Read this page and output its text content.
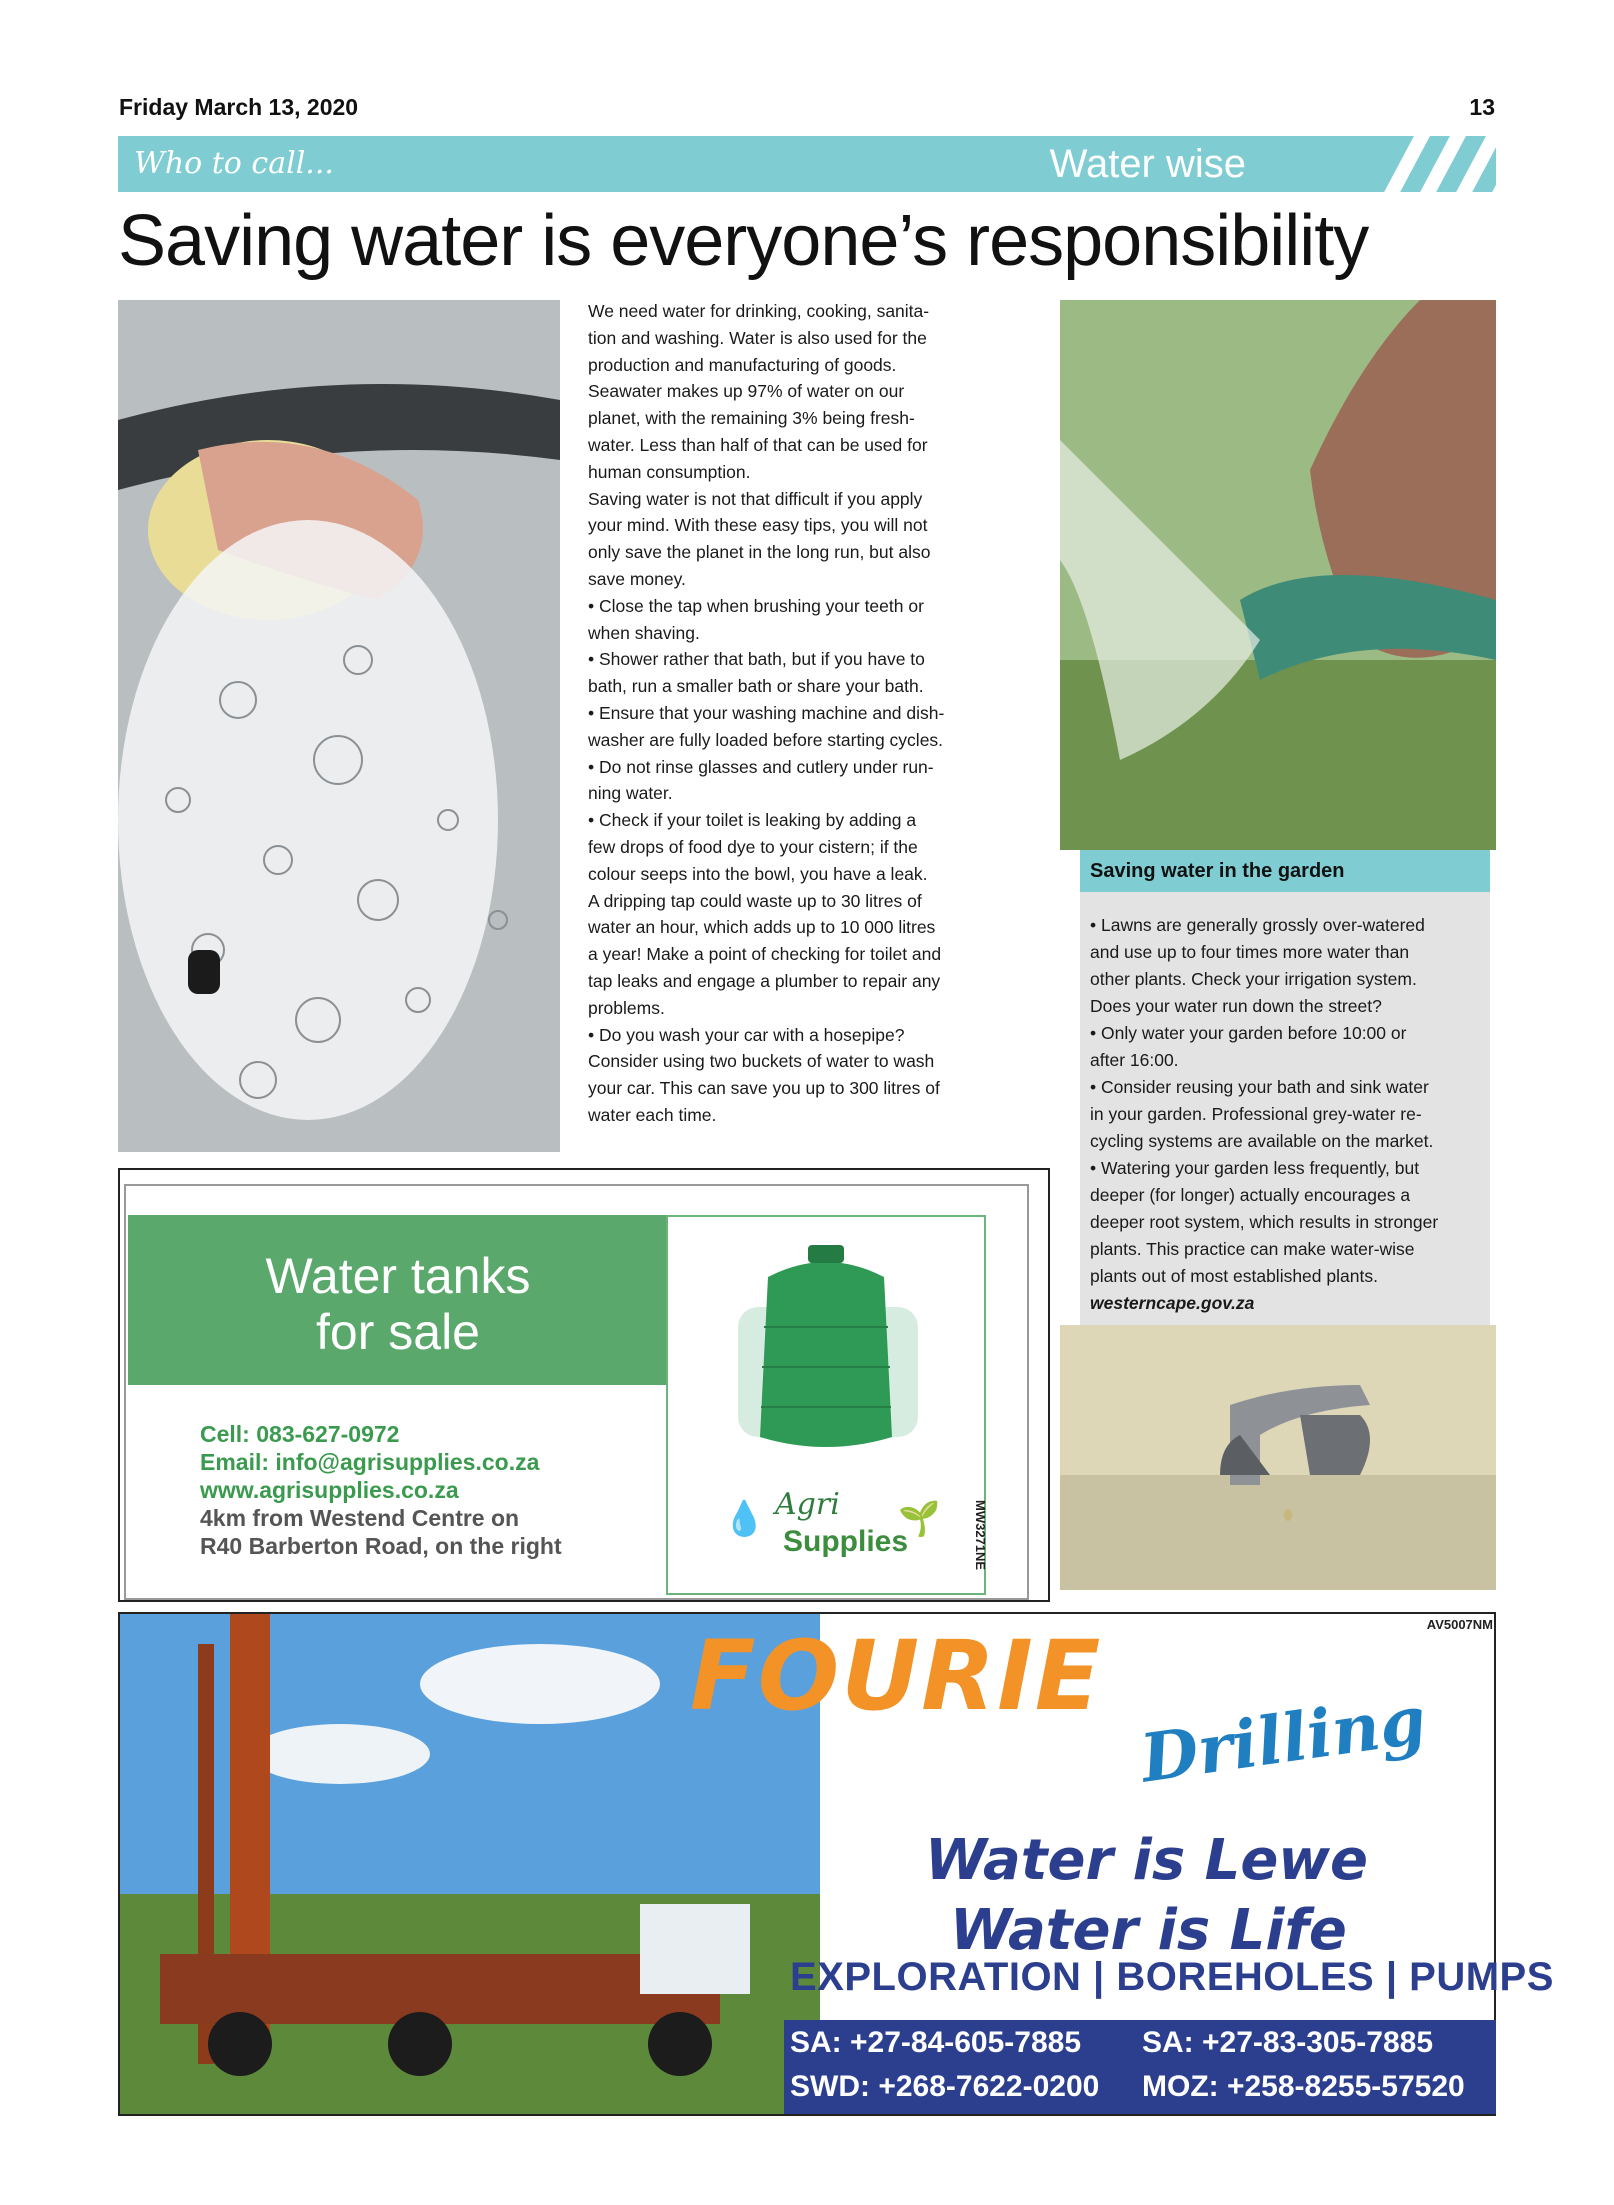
Friday March 13, 2020	13
Who to call...	Water wise
Saving water is everyone’s responsibility

We need water for drinking, cooking, sanita-

tion and washing. Water is also used for the

production and manufacturing of goods.

Seawater makes up 97% of water on our

planet, with the remaining 3% being fresh-

water. Less than half of that can be used for

human consumption.

Saving water is not that difficult if you apply

your mind. With these easy tips, you will not

only save the planet in the long run, but also

save money.

• Close the tap when brushing your teeth or

when shaving.

• Shower rather that bath, but if you have to

bath, run a smaller bath or share your bath.

• Ensure that your washing machine and dish-

washer are fully loaded before starting cycles.

• Do not rinse glasses and cutlery under run-

ning water.

• Check if your toilet is leaking by adding a

few drops of food dye to your cistern; if the

colour seeps into the bowl, you have a leak.

A dripping tap could waste up to 30 litres of

water an hour, which adds up to 10 000 litres

a year! Make a point of checking for toilet and

tap leaks and engage a plumber to repair any

problems.

• Do you wash your car with a hosepipe?

Consider using two buckets of water to wash

your car. This can save you up to 300 litres of

water each time.

Saving water in the garden

• Lawns are generally grossly over-watered

and use up to four times more water than

other plants. Check your irrigation system.

Does your water run down the street?

• Only water your garden before 10:00 or

after 16:00.

• Consider reusing your bath and sink water

in your garden. Professional grey-water re-

cycling systems are available on the market.

• Watering your garden less frequently, but

deeper (for longer) actually encourages a

deeper root system, which results in stronger

plants. This practice can make water-wise

plants out of most established plants.

westerncape.gov.za

Water tanks
for sale
Cell: 083-627-0972
Email: info@agrisupplies.co.za
www.agrisupplies.co.za
4km from Westend Centre on
R40 Barberton Road, on the right
💧 Agri
Supplies
🌱	MW3271NE
AV5007NM
FOURIE
Drilling
Water is Lewe
Water is Life
EXPLORATION | BOREHOLES | PUMPS
SA: +27-84-605-7885 SA: +27-83-305-7885
SWD: +268-7622-0200 MOZ: +258-8255-57520
